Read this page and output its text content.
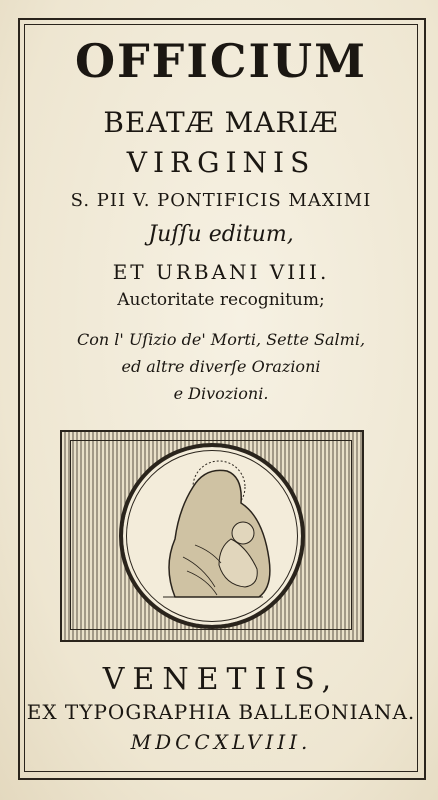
OFFICIUM
BEATÆ MARIÆ
VIRGINIS
S. PII V. PONTIFICIS MAXIMI
Juſſu editum,
ET URBANI VIII.
Auctoritate recognitum;
Con l' Uſizio de' Morti, Sette Salmi,
ed altre diverſe Orazioni
e Divozioni.
VENETIIS,
EX TYPOGRAPHIA BALLEONIANA.
MDCCXLVIII.
